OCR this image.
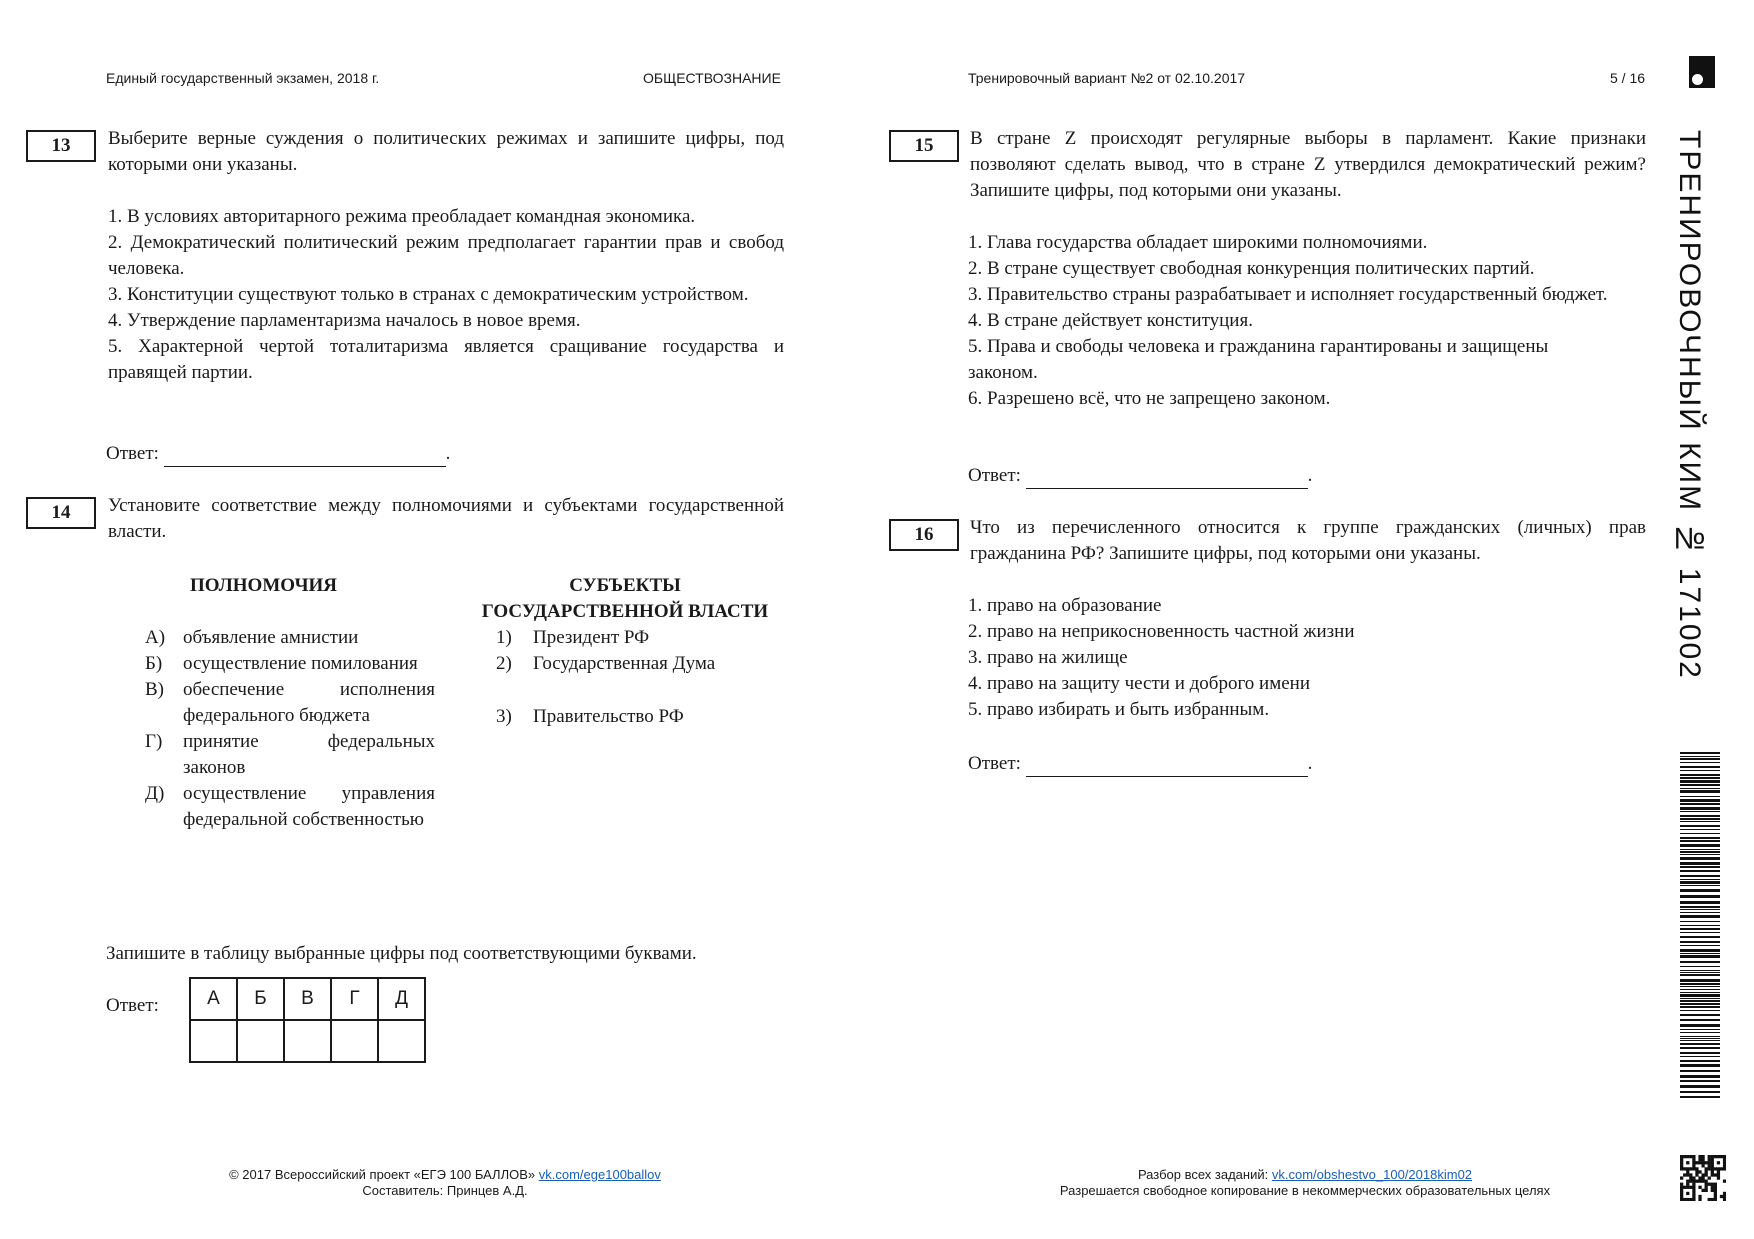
Единый государственный экзамен, 2018 г.	ОБЩЕСТВОЗНАНИЕ	Тренировочный вариант №2 от 02.10.2017	5 / 16
ТРЕНИРОВОЧНЫЙ КИМ № 171002
13	Выберите верные суждения о политических режимах и запишите цифры, под которыми они указаны.

1. В условиях авторитарного режима преобладает командная экономика.

2. Демократический политический режим предполагает гарантии прав и свобод человека.

3. Конституции существуют только в странах с демократическим устройством.

4. Утверждение парламентаризма началось в новое время.

5. Характерной чертой тоталитаризма является сращивание государства и правящей партии.

Ответ:	.
14	Установите соответствие между полномочиями и субъектами государственной власти.

ПОЛНОМОЧИЯ	СУБЪЕКТЫ
ГОСУДАРСТВЕННОЙ ВЛАСТИ
А) объявление амнистии
Б)	осуществление помилования
В)	обеспечение исполнения федерального бюджета
Г)	принятие федеральных законов
Д) осуществление управления федеральной собственностью
1) Президент РФ
2) Государственная Дума
3) Правительство РФ

Запишите в таблицу выбранные цифры под соответствующими буквами.

Ответ:	А	Б	В	Г	Д

15	В стране Z происходят регулярные выборы в парламент. Какие признаки позволяют сделать вывод, что в стране Z утвердился демократический режим? Запишите цифры, под которыми они указаны.

1. Глава государства обладает широкими полномочиями.

2. В стране существует свободная конкуренция политических партий.

3. Правительство страны разрабатывает и исполняет государственный бюджет.

4. В стране действует конституция.

5. Права и свободы человека и гражданина гарантированы и защищены законом.

6. Разрешено всё, что не запрещено законом.

Ответ:	.
16	Что из перечисленного относится к группе гражданских (личных) прав гражданина РФ? Запишите цифры, под которыми они указаны.

1. право на образование

2. право на неприкосновенность частной жизни

3. право на жилище

4. право на защиту чести и доброго имени

5. право избирать и быть избранным.

Ответ:	.
© 2017 Всероссийский проект «ЕГЭ 100 БАЛЛОВ» vk.com/ege100ballov
Составитель: Принцев А.Д.
Разбор всех заданий: vk.com/obshestvo_100/2018kim02
Разрешается свободное копирование в некоммерческих образовательных целях
